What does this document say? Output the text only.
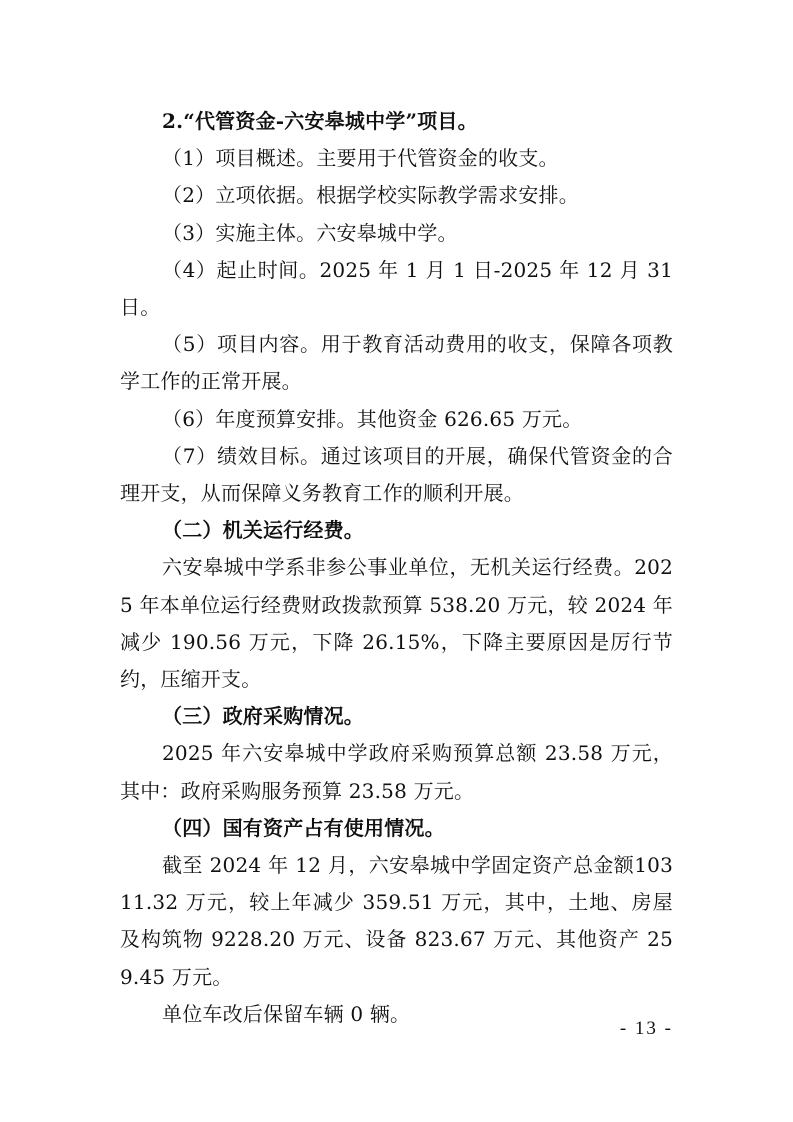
2.“代管资金-六安皋城中学”项目。

（1）项目概述。主要用于代管资金的收支。

（2）立项依据。根据学校实际教学需求安排。

（3）实施主体。六安皋城中学。

（4）起止时间。2025 年 1 月 1 日-2025 年 12 月 31 日。

（5）项目内容。用于教育活动费用的收支，保障各项教学工作的正常开展。

（6）年度预算安排。其他资金 626.65 万元。

（7）绩效目标。通过该项目的开展，确保代管资金的合理开支，从而保障义务教育工作的顺利开展。

（二）机关运行经费。

六安皋城中学系非参公事业单位，无机关运行经费。2025 年本单位运行经费财政拨款预算 538.20 万元，较 2024 年减少 190.56 万元，下降 26.15%，下降主要原因是厉行节约，压缩开支。

（三）政府采购情况。

2025 年六安皋城中学政府采购预算总额 23.58 万元，其中：政府采购服务预算 23.58 万元。

（四）国有资产占有使用情况。

截至 2024 年 12 月，六安皋城中学固定资产总金额10311.32 万元，较上年减少 359.51 万元，其中，土地、房屋及构筑物 9228.20 万元、设备 823.67 万元、其他资产 259.45 万元。

单位车改后保留车辆 0 辆。

- 13 -
